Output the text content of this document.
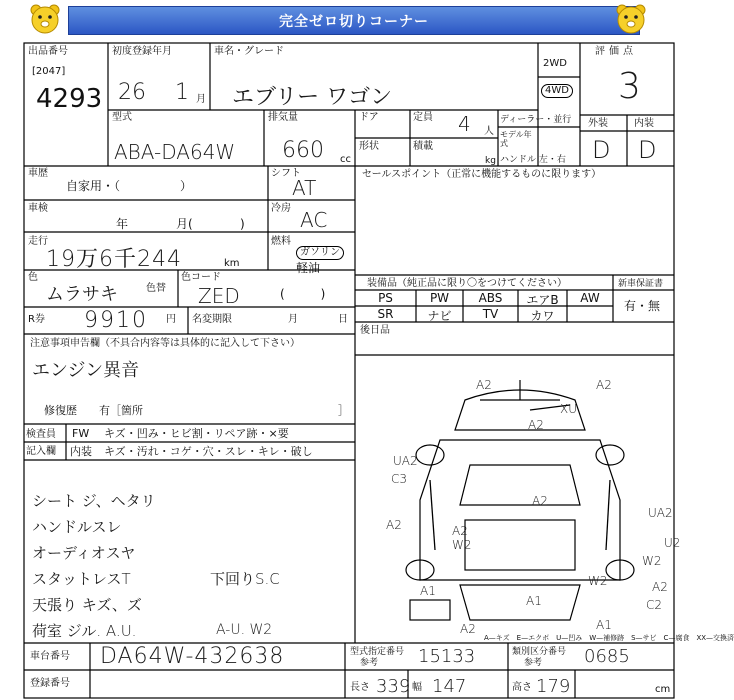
完全ゼロ切りコーナー
出品番号
[2047]
4293
初度登録年月
26 1 月
車名・グレード
エブリー ワゴン
2WD
4WD
評価点
3
外装	内装
D D
型式
ABA-DA64W
排気量
660 cc
ドア	定員 4 人
形状	積載
kg
ディーラー・並行
モデル年式
ハンドル 左・右
車歴
自家用・（　　　　　）
シフト
AT
車検
年	月(	)
冷房 AC
走行
19万6千244	km
燃料
ガソリン
軽油
(　　　)
色
ムラサキ	色替
色コード
ZED
R券 9910 円 名変期限	月	日
セールスポイント（正常に機能するものに限ります）
装備品（純正品に限り〇をつけてください）	新車保証書
有・無
PS	PW	ABS	エアB	AW
SR	ナビ	TV	カワ
後日品
注意事項申告欄（不具合内容等は具体的に記入して下さい）
エンジン異音
修復歴　　有［箇所	］
検査員
記入欄
FW キズ・凹み・ヒビ割・リペア跡・×要
内装 キズ・汚れ・コゲ・穴・スレ・キレ・破し
シート ジ、ヘタリ
ハンドルスレ
オーディオスヤ
スタットレスT
天張り キズ、ズ
荷室 ジル. A.U.
下回りS.C
A-U. W2
A2	A2
XU
A2
UA2
C3
A2
W2
A2	A2
UA2
W2
A1
A1
C2
A2
U2
W2
A2	A1
A—キズ　E—エクボ　U—凹み　W—補修跡　S—サビ　C—腐食　XX—交換済
車台番号 DA64W-432638
登録番号
型式指定番号
参考 15133	類別区分番号
参考 0685
長さ 339 幅 147	高さ 179	cm
